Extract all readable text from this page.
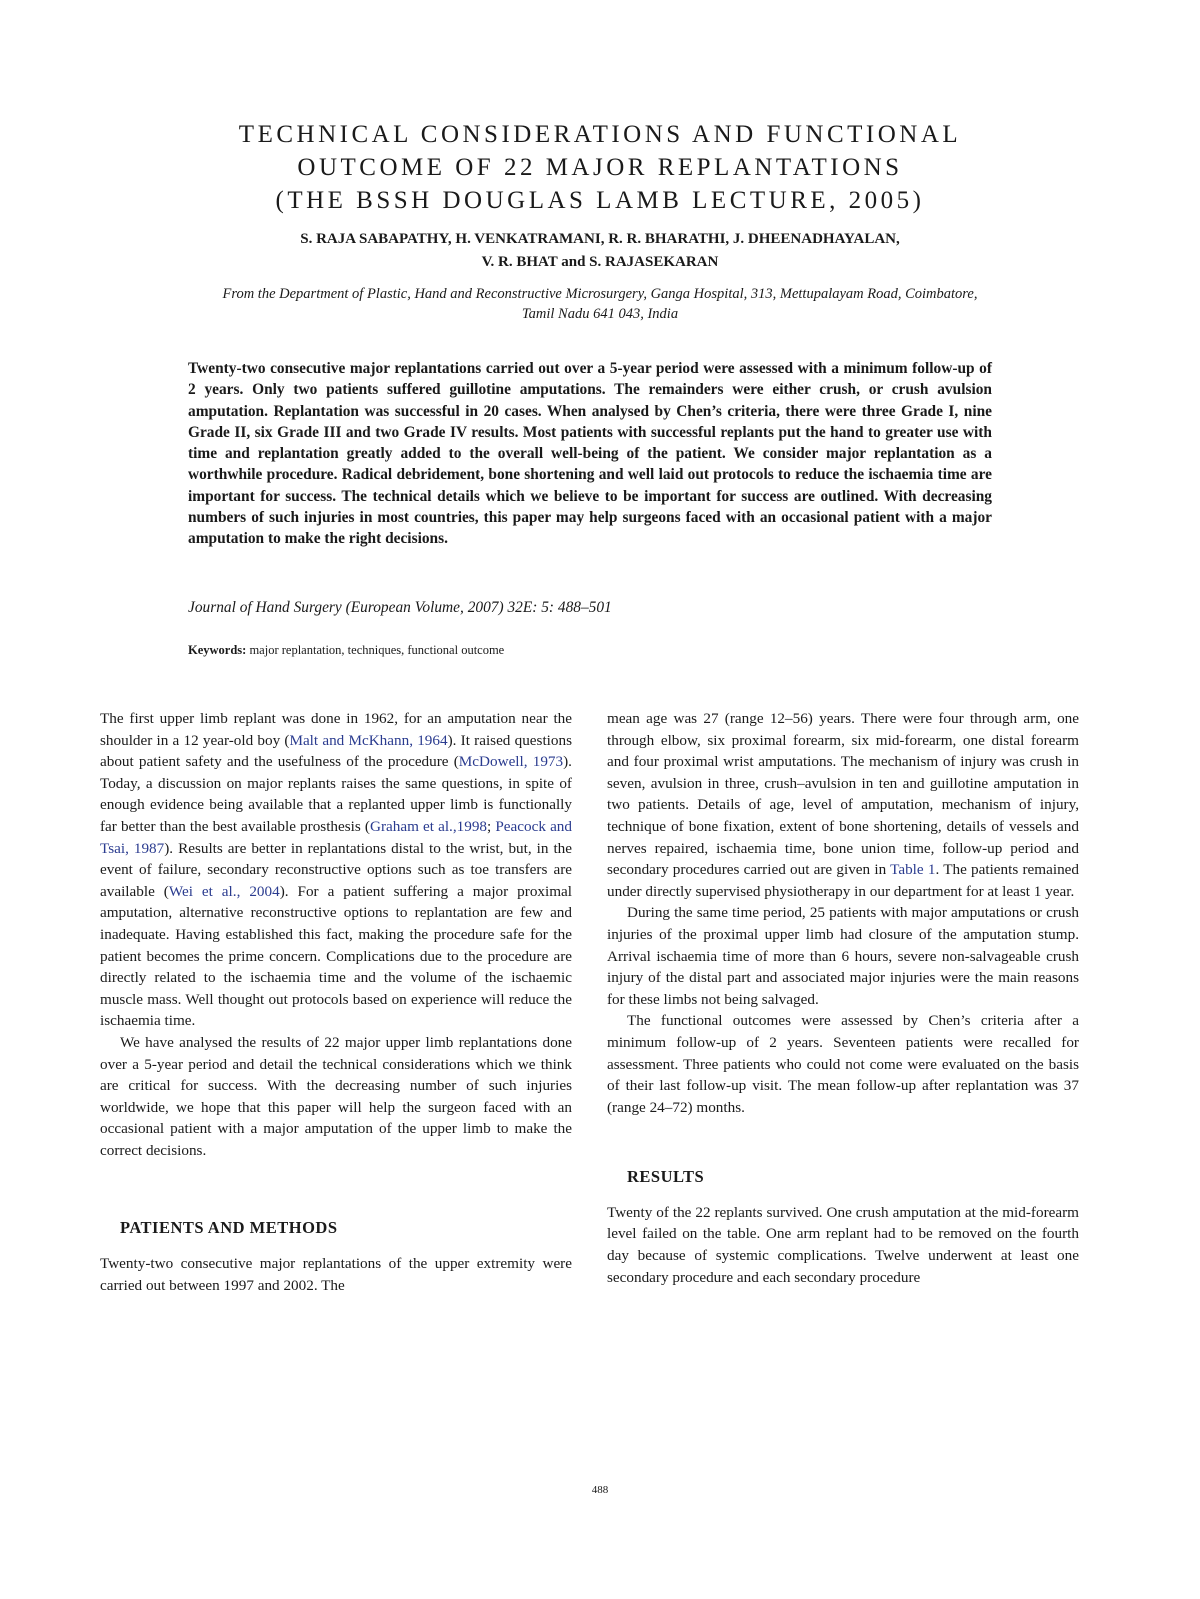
TECHNICAL CONSIDERATIONS AND FUNCTIONAL
OUTCOME OF 22 MAJOR REPLANTATIONS
(THE BSSH DOUGLAS LAMB LECTURE, 2005)
S. RAJA SABAPATHY, H. VENKATRAMANI, R. R. BHARATHI, J. DHEENADHAYALAN,
V. R. BHAT and S. RAJASEKARAN
From the Department of Plastic, Hand and Reconstructive Microsurgery, Ganga Hospital, 313, Mettupalayam Road, Coimbatore,
Tamil Nadu 641 043, India
Twenty-two consecutive major replantations carried out over a 5-year period were assessed with a minimum follow-up of 2 years. Only two patients suffered guillotine amputations. The remainders were either crush, or crush avulsion amputation. Replantation was successful in 20 cases. When analysed by Chen’s criteria, there were three Grade I, nine Grade II, six Grade III and two Grade IV results. Most patients with successful replants put the hand to greater use with time and replantation greatly added to the overall well-being of the patient. We consider major replantation as a worthwhile procedure. Radical debridement, bone shortening and well laid out protocols to reduce the ischaemia time are important for success. The technical details which we believe to be important for success are outlined. With decreasing numbers of such injuries in most countries, this paper may help surgeons faced with an occasional patient with a major amputation to make the right decisions.
Journal of Hand Surgery (European Volume, 2007) 32E: 5: 488–501
Keywords: major replantation, techniques, functional outcome

The first upper limb replant was done in 1962, for an amputation near the shoulder in a 12 year-old boy (Malt and McKhann, 1964). It raised questions about patient safety and the usefulness of the procedure (McDowell, 1973). Today, a discussion on major replants raises the same questions, in spite of enough evidence being available that a replanted upper limb is functionally far better than the best available prosthesis (Graham et al.,1998; Peacock and Tsai, 1987). Results are better in replantations distal to the wrist, but, in the event of failure, secondary reconstructive options such as toe transfers are available (Wei et al., 2004). For a patient suffering a major proximal amputation, alternative reconstructive options to replantation are few and inadequate. Having established this fact, making the procedure safe for the patient becomes the prime concern. Complications due to the procedure are directly related to the ischaemia time and the volume of the ischaemic muscle mass. Well thought out protocols based on experience will reduce the ischaemia time.

We have analysed the results of 22 major upper limb replantations done over a 5-year period and detail the technical considerations which we think are critical for success. With the decreasing number of such injuries worldwide, we hope that this paper will help the surgeon faced with an occasional patient with a major amputation of the upper limb to make the correct decisions.

PATIENTS AND METHODS

Twenty-two consecutive major replantations of the upper extremity were carried out between 1997 and 2002. The

mean age was 27 (range 12–56) years. There were four through arm, one through elbow, six proximal forearm, six mid-forearm, one distal forearm and four proximal wrist amputations. The mechanism of injury was crush in seven, avulsion in three, crush–avulsion in ten and guillotine amputation in two patients. Details of age, level of amputation, mechanism of injury, technique of bone fixation, extent of bone shortening, details of vessels and nerves repaired, ischaemia time, bone union time, follow-up period and secondary procedures carried out are given in Table 1. The patients remained under directly supervised physiotherapy in our department for at least 1 year.

During the same time period, 25 patients with major amputations or crush injuries of the proximal upper limb had closure of the amputation stump. Arrival ischaemia time of more than 6 hours, severe non-salvageable crush injury of the distal part and associated major injuries were the main reasons for these limbs not being salvaged.

The functional outcomes were assessed by Chen’s criteria after a minimum follow-up of 2 years. Seventeen patients were recalled for assessment. Three patients who could not come were evaluated on the basis of their last follow-up visit. The mean follow-up after replantation was 37 (range 24–72) months.

RESULTS

Twenty of the 22 replants survived. One crush amputation at the mid-forearm level failed on the table. One arm replant had to be removed on the fourth day because of systemic complications. Twelve underwent at least one secondary procedure and each secondary procedure

488
